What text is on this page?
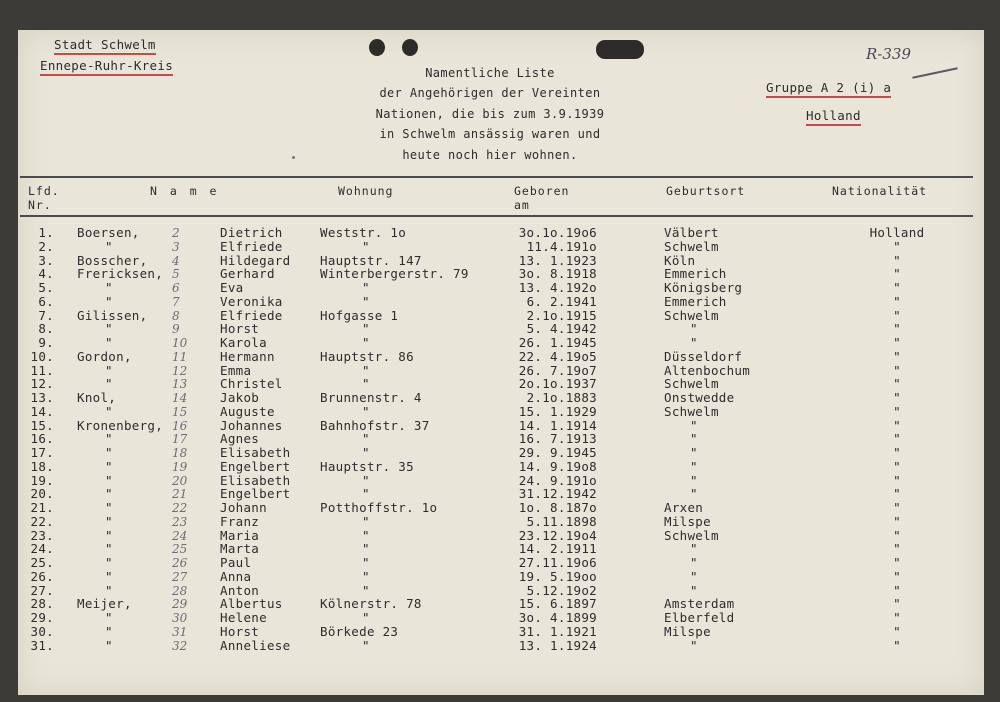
Stadt Schwelm
Ennepe-Ruhr-Kreis	Namentliche Liste
der Angehörigen der Vereinten
Nationen, die bis zum 3.9.1939
in Schwelm ansässig waren und
heute noch hier wohnen.
R-339
Gruppe A 2 (i) a
Holland
Lfd.
Nr.
N a m e	Wohnung	Geboren
am
Geburtsort	Nationalität
1. Boersen,	2	Dietrich	Weststr. 1o	3o.1o.19o6	Välbert	Holland
2.	"	3	Elfriede	"	11.4.191o	Schwelm	"
3. Bosscher, 4	Hildegard Hauptstr. 147	13. 1.1923	Köln	"
4. Frericksen, 5	Gerhard	Winterbergerstr. 79	3o. 8.1918	Emmerich	"
5.	"	6	Eva	"	13. 4.192o	Königsberg	"
6.	"	7	Veronika	"	6. 2.1941	Emmerich	"
7. Gilissen, 8	Elfriede	Hofgasse 1	2.1o.1915	Schwelm	"
8.	"	9	Horst	"	5. 4.1942	"	"
9.	"	10	Karola	"	26. 1.1945	"	"
10. Gordon,	11	Hermann	Hauptstr. 86	22. 4.19o5	Düsseldorf	"
11.	"	12	Emma	"	26. 7.19o7	Altenbochum	"
12.	"	13	Christel	"	2o.1o.1937	Schwelm	"
13. Knol,	14	Jakob	Brunnenstr. 4	2.1o.1883	Onstwedde	"
14.	"	15	Auguste	"	15. 1.1929	Schwelm	"
15. Kronenberg, 16	Johannes	Bahnhofstr. 37	14. 1.1914	"	"
16.	"	17	Agnes	"	16. 7.1913	"	"
17.	"	18	Elisabeth	"	29. 9.1945	"	"
18.	"	19	Engelbert Hauptstr. 35	14. 9.19o8	"	"
19.	"	20	Elisabeth	"	24. 9.191o	"	"
20.	"	21	Engelbert	"	31.12.1942	"	"
21.	"	22	Johann	Potthoffstr. 1o	1o. 8.187o	Arxen	"
22.	"	23	Franz	"	5.11.1898	Milspe	"
23.	"	24	Maria	"	23.12.19o4	Schwelm	"
24.	"	25	Marta	"	14. 2.1911	"	"
25.	"	26	Paul	"	27.11.19o6	"	"
26.	"	27	Anna	"	19. 5.19oo	"	"
27.	"	28	Anton	"	5.12.19o2	"	"
28. Meijer,	29	Albertus	Kölnerstr. 78	15. 6.1897	Amsterdam	"
29.	"	30	Helene	"	3o. 4.1899	Elberfeld	"
30.	"	31	Horst	Börkede 23	31. 1.1921	Milspe	"
31.	"	32	Anneliese	"	13. 1.1924	"	"
